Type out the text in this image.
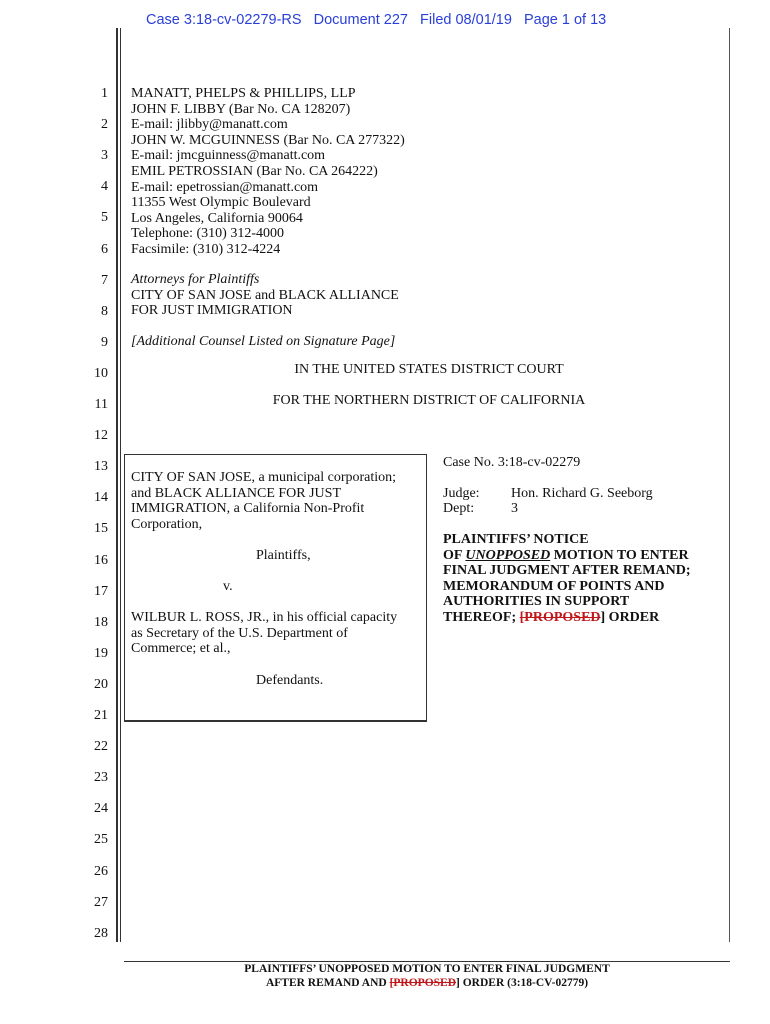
Case 3:18-cv-02279-RS   Document 227   Filed 08/01/19   Page 1 of 13
1
2
3
4
5
6
7
8
9
10
11
12
13
14
15
16
17
18
19
20
21
22
23
24
25
26
27
28
MANATT, PHELPS & PHILLIPS, LLP
JOHN F. LIBBY (Bar No. CA 128207)
E-mail: jlibby@manatt.com
JOHN W. MCGUINNESS (Bar No. CA 277322)
E-mail: jmcguinness@manatt.com
EMIL PETROSSIAN (Bar No. CA 264222)
E-mail: epetrossian@manatt.com
11355 West Olympic Boulevard
Los Angeles, California 90064
Telephone: (310) 312-4000
Facsimile: (310) 312-4224
Attorneys for Plaintiffs
CITY OF SAN JOSE and BLACK ALLIANCE
FOR JUST IMMIGRATION
[Additional Counsel Listed on Signature Page]
IN THE UNITED STATES DISTRICT COURT
FOR THE NORTHERN DISTRICT OF CALIFORNIA
CITY OF SAN JOSE, a municipal corporation;
and BLACK ALLIANCE FOR JUST
IMMIGRATION, a California Non-Profit
Corporation,
Plaintiffs,
v.
WILBUR L. ROSS, JR., in his official capacity
as Secretary of the U.S. Department of
Commerce; et al.,
Defendants.
Case No. 3:18-cv-02279
Judge: Hon. Richard G. Seeborg
Dept:	3
PLAINTIFFS’ NOTICE
OF UNOPPOSED MOTION TO ENTER
FINAL JUDGMENT AFTER REMAND;
MEMORANDUM OF POINTS AND
AUTHORITIES IN SUPPORT
THEREOF; [PROPOSED] ORDER
PLAINTIFFS’ UNOPPOSED MOTION TO ENTER FINAL JUDGMENT
AFTER REMAND AND [PROPOSED] ORDER (3:18-CV-02779)
